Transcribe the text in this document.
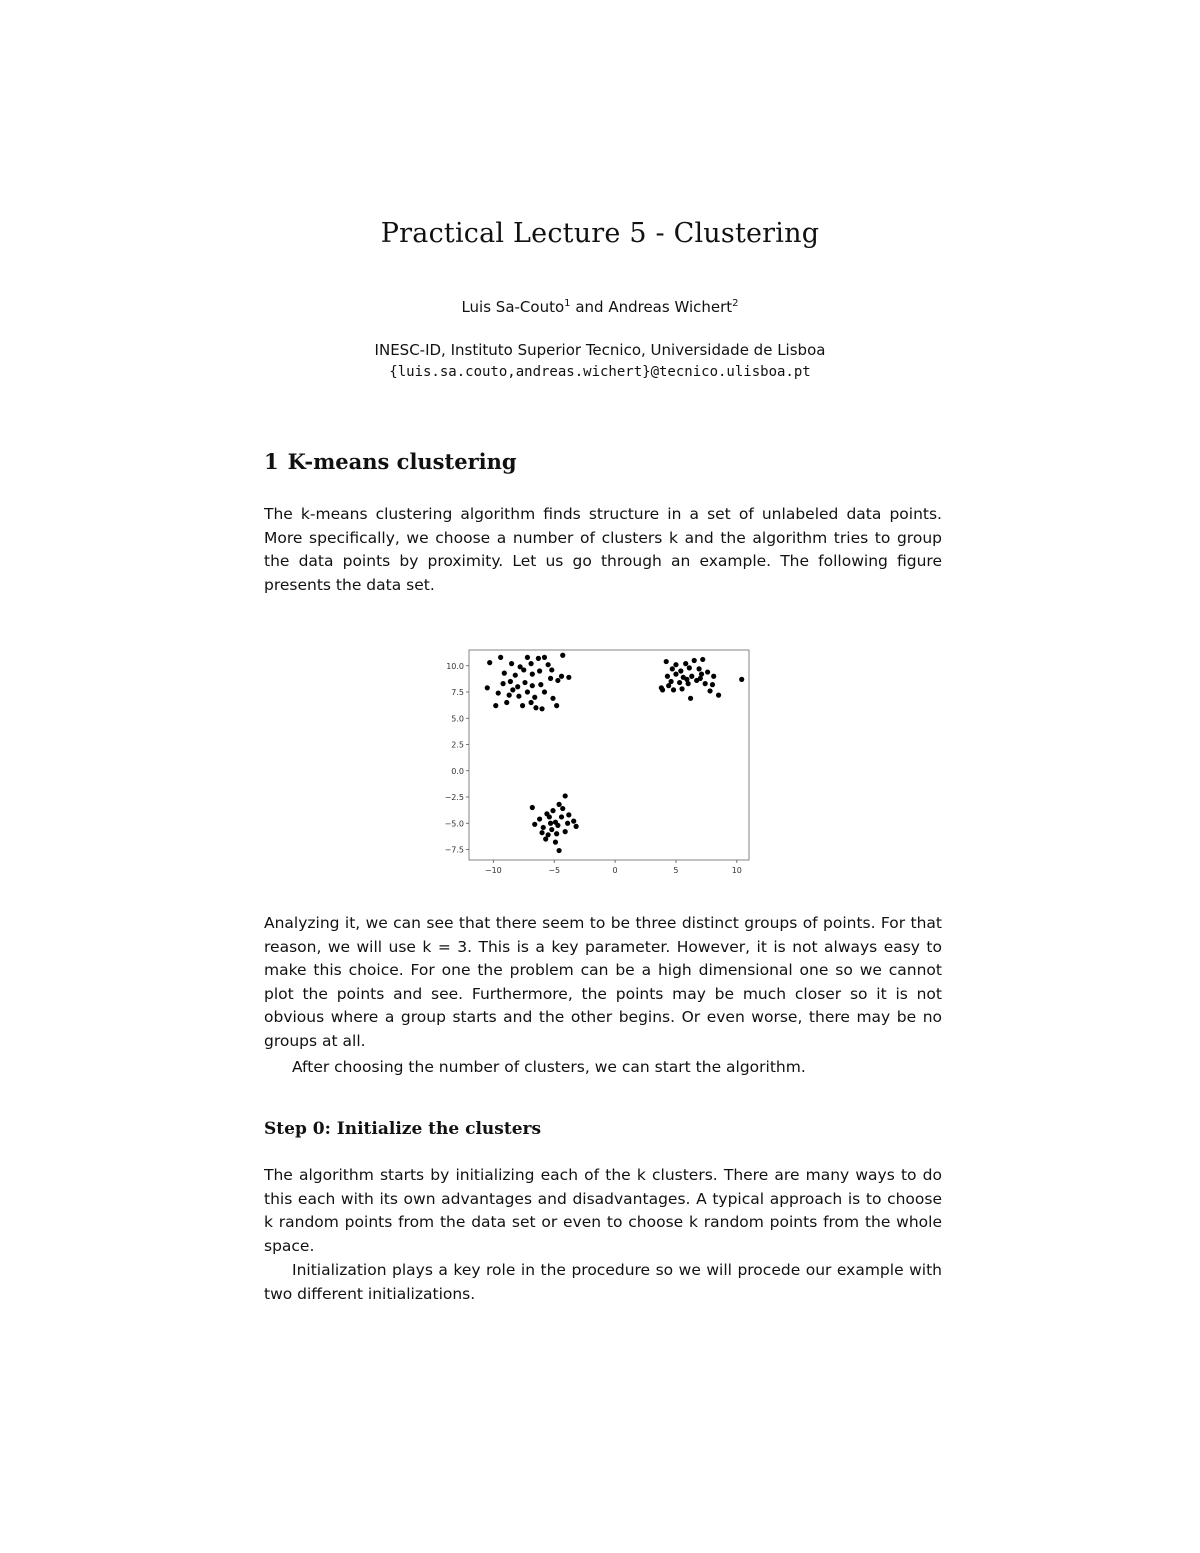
Practical Lecture 5 - Clustering
Luis Sa-Couto$^1$ and Andreas Wichert$^2$
INESC-ID, Instituto Superior Tecnico, Universidade de Lisboa
{luis.sa.couto,andreas.wichert}@tecnico.ulisboa.pt
1 K-means clustering
The k-means clustering algorithm finds structure in a set of unlabeled data points. More specifically, we choose a number of clusters k and the algorithm tries to group the data points by proximity. Let us go through an example. The following figure presents the data set.
10.0
7.5
5.0
2.5
0.0
−2.5
−5.0
−7.5
−10	−5	0	5	10
Analyzing it, we can see that there seem to be three distinct groups of points. For that reason, we will use k = 3. This is a key parameter. However, it is not always easy to make this choice. For one the problem can be a high dimensional one so we cannot plot the points and see. Furthermore, the points may be much closer so it is not obvious where a group starts and the other begins. Or even worse, there may be no groups at all.
After choosing the number of clusters, we can start the algorithm.
Step 0: Initialize the clusters
The algorithm starts by initializing each of the k clusters. There are many ways to do this each with its own advantages and disadvantages. A typical approach is to choose k random points from the data set or even to choose k random points from the whole space.
Initialization plays a key role in the procedure so we will procede our example with two different initializations.
